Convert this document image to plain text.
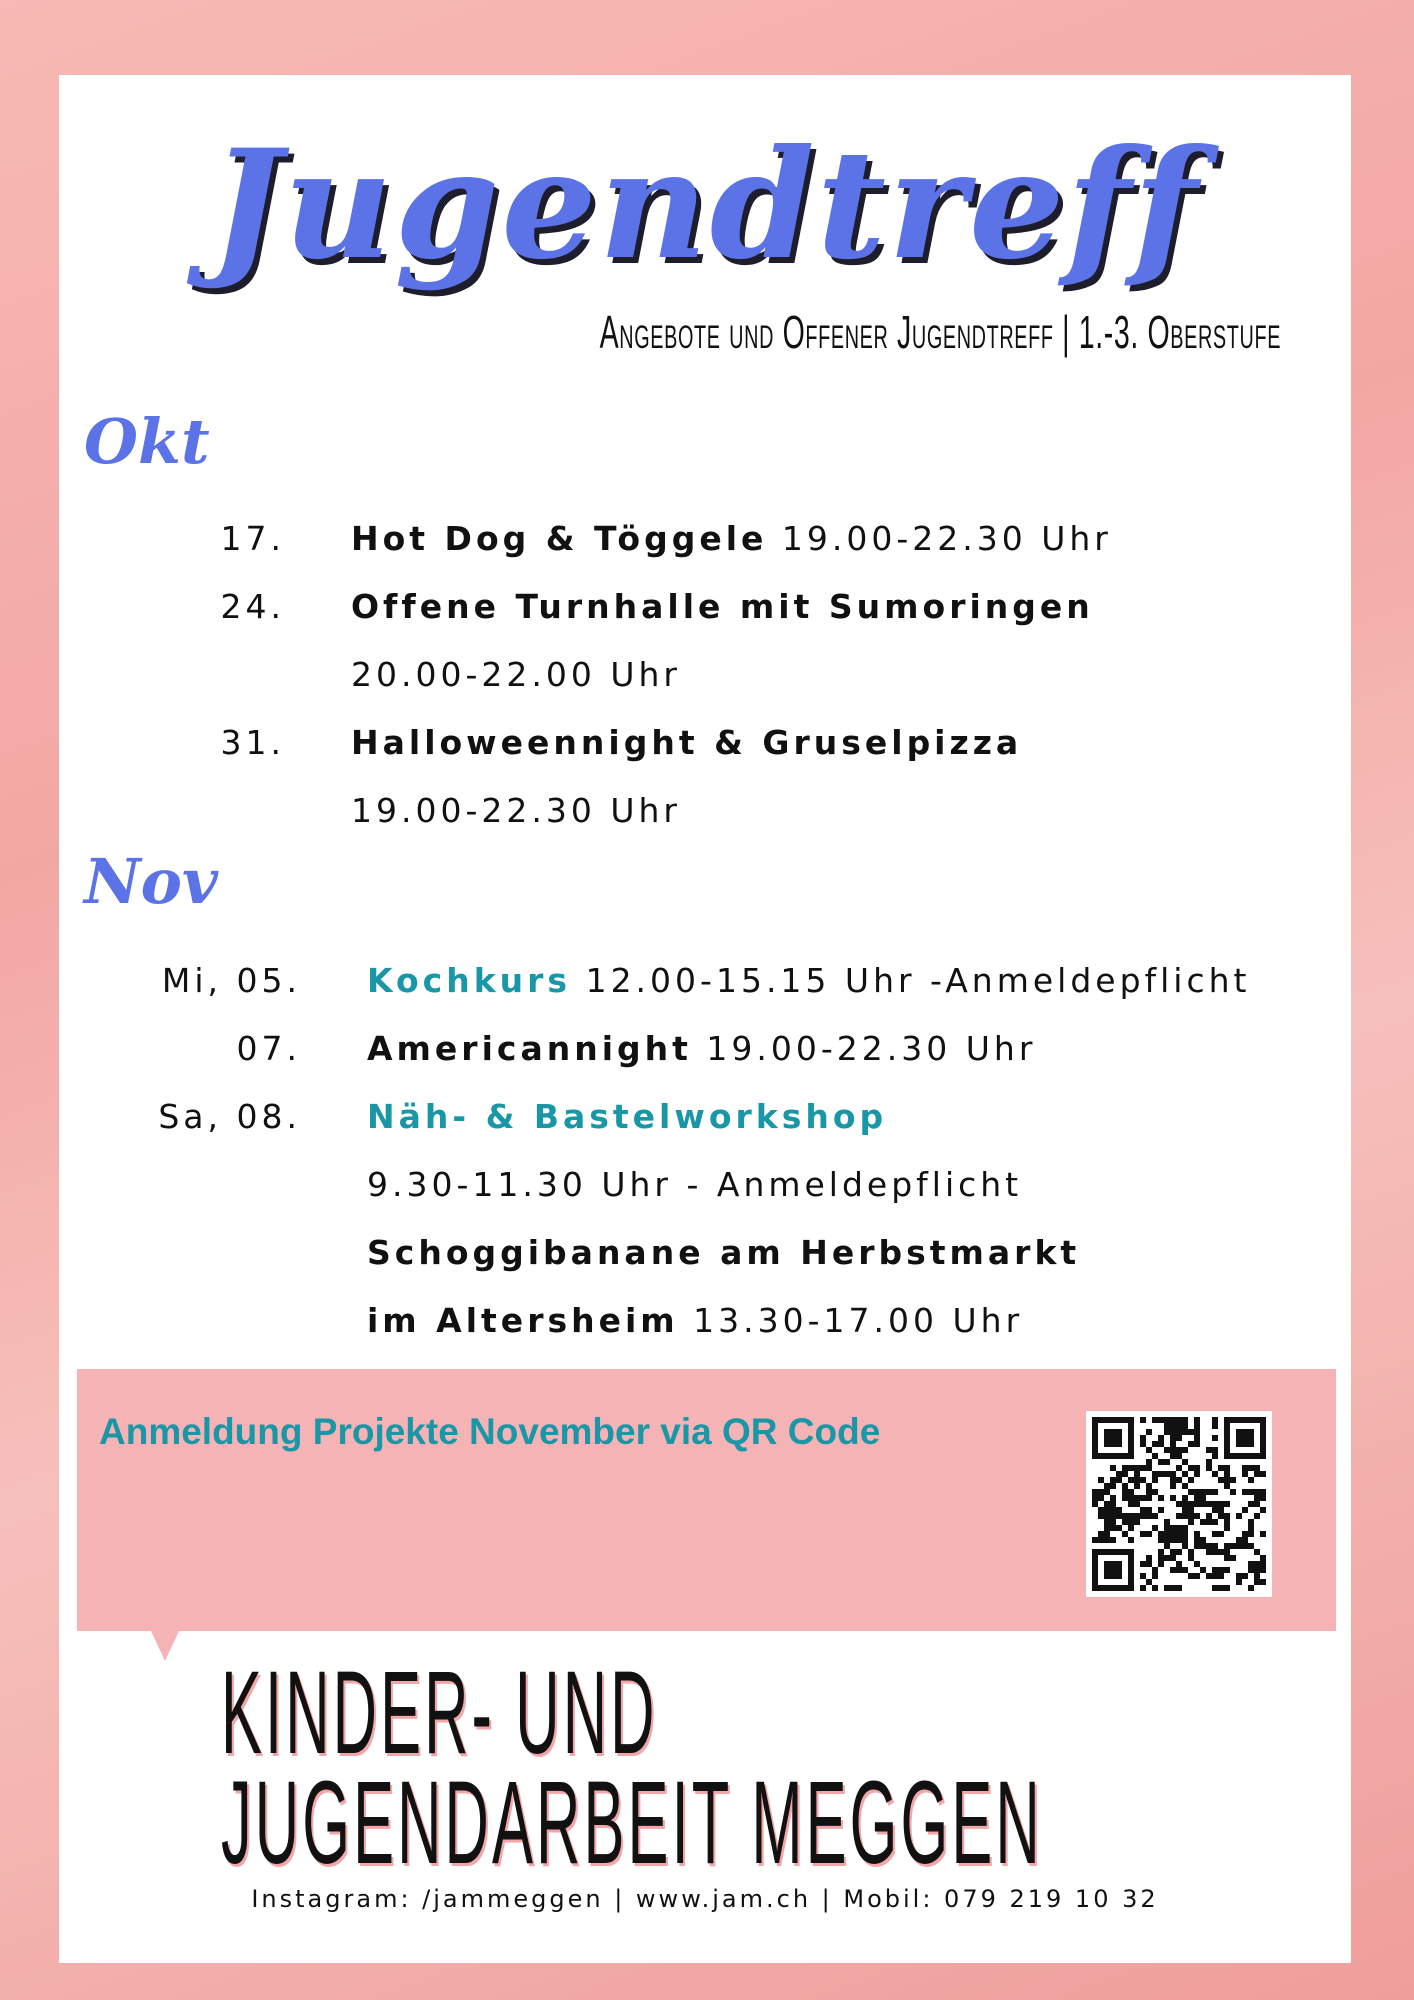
Jugendtreff
Angebote und Offener Jugendtreff | 1.-3. Oberstufe
Okt
17. Hot Dog & Töggele 19.00-22.30 Uhr
24. Offene Turnhalle mit Sumoringen
20.00-22.00 Uhr
31. Halloweennight & Gruselpizza
19.00-22.30 Uhr
Nov
Mi, 05. Kochkurs 12.00-15.15 Uhr -Anmeldepflicht
07. Americannight 19.00-22.30 Uhr
Sa, 08. Näh- & Bastelworkshop
9.30-11.30 Uhr - Anmeldepflicht
Schoggibanane am Herbstmarkt
im Altersheim 13.30-17.00 Uhr
Anmeldung Projekte November via QR Code
KINDER- UND
JUGENDARBEIT MEGGEN
Instagram: /jammeggen | www.jam.ch | Mobil: 079 219 10 32
